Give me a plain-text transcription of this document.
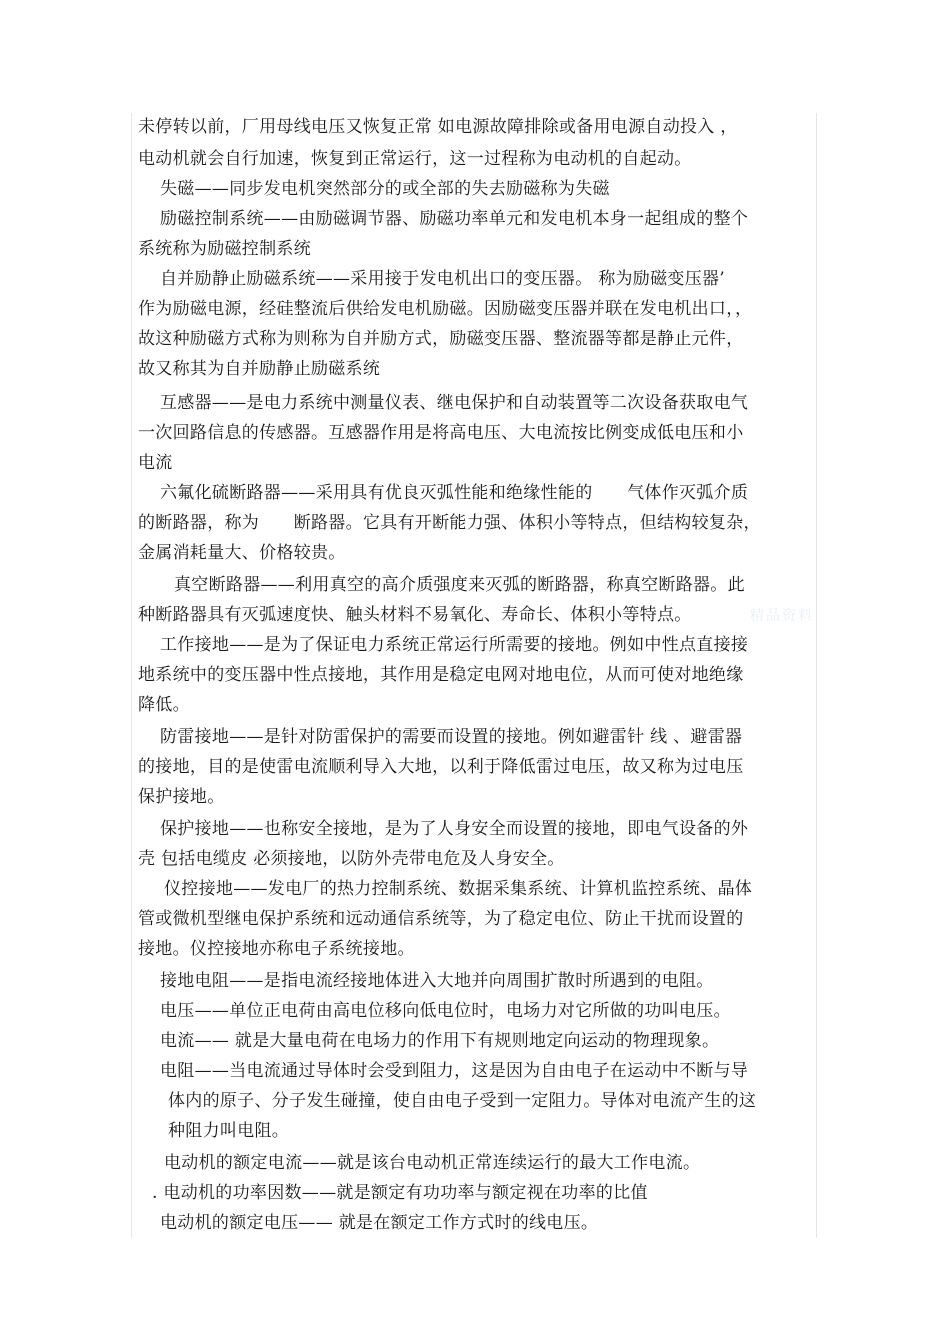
未停转以前，厂用母线电压又恢复正常 如电源故障排除或备用电源自动投入 ，
电动机就会自行加速，恢复到正常运行，这一过程称为电动机的自起动。
失磁——同步发电机突然部分的或全部的失去励磁称为失磁
励磁控制系统——由励磁调节器、励磁功率单元和发电机本身一起组成的整个
系统称为励磁控制系统
自并励静止励磁系统——采用接于发电机出口的变压器。 称为励磁变压器’
作为励磁电源，经硅整流后供给发电机励磁。因励磁变压器并联在发电机出口，，
故这种励磁方式称为则称为自并励方式，励磁变压器、整流器等都是静止元件，
故又称其为自并励静止励磁系统
互感器——是电力系统中测量仪表、继电保护和自动装置等二次设备获取电气
一次回路信息的传感器。互感器作用是将高电压、大电流按比例变成低电压和小
电流
六氟化硫断路器——采用具有优良灭弧性能和绝缘性能的　　气体作灭弧介质
的断路器，称为　　断路器。它具有开断能力强、体积小等特点，但结构较复杂，
金属消耗量大、价格较贵。
真空断路器——利用真空的高介质强度来灭弧的断路器，称真空断路器。此
种断路器具有灭弧速度快、触头材料不易氧化、寿命长、体积小等特点。
工作接地——是为了保证电力系统正常运行所需要的接地。例如中性点直接接
地系统中的变压器中性点接地，其作用是稳定电网对地电位，从而可使对地绝缘
降低。
防雷接地——是针对防雷保护的需要而设置的接地。例如避雷针 线 、避雷器
的接地，目的是使雷电流顺利导入大地，以利于降低雷过电压，故又称为过电压
保护接地。
保护接地——也称安全接地，是为了人身安全而设置的接地，即电气设备的外
壳 包括电缆皮 必须接地，以防外壳带电危及人身安全。
仪控接地——发电厂的热力控制系统、数据采集系统、计算机监控系统、晶体
管或微机型继电保护系统和远动通信系统等，为了稳定电位、防止干扰而设置的
接地。仪控接地亦称电子系统接地。
接地电阻——是指电流经接地体进入大地并向周围扩散时所遇到的电阻。
电压——单位正电荷由高电位移向低电位时，电场力对它所做的功叫电压。
电流—— 就是大量电荷在电场力的作用下有规则地定向运动的物理现象。
电阻——当电流通过导体时会受到阻力，这是因为自由电子在运动中不断与导
体内的原子、分子发生碰撞，使自由电子受到一定阻力。导体对电流产生的这
种阻力叫电阻。
电动机的额定电流——就是该台电动机正常连续运行的最大工作电流。
. 电动机的功率因数——就是额定有功功率与额定视在功率的比值
电动机的额定电压—— 就是在额定工作方式时的线电压。
精品资料
